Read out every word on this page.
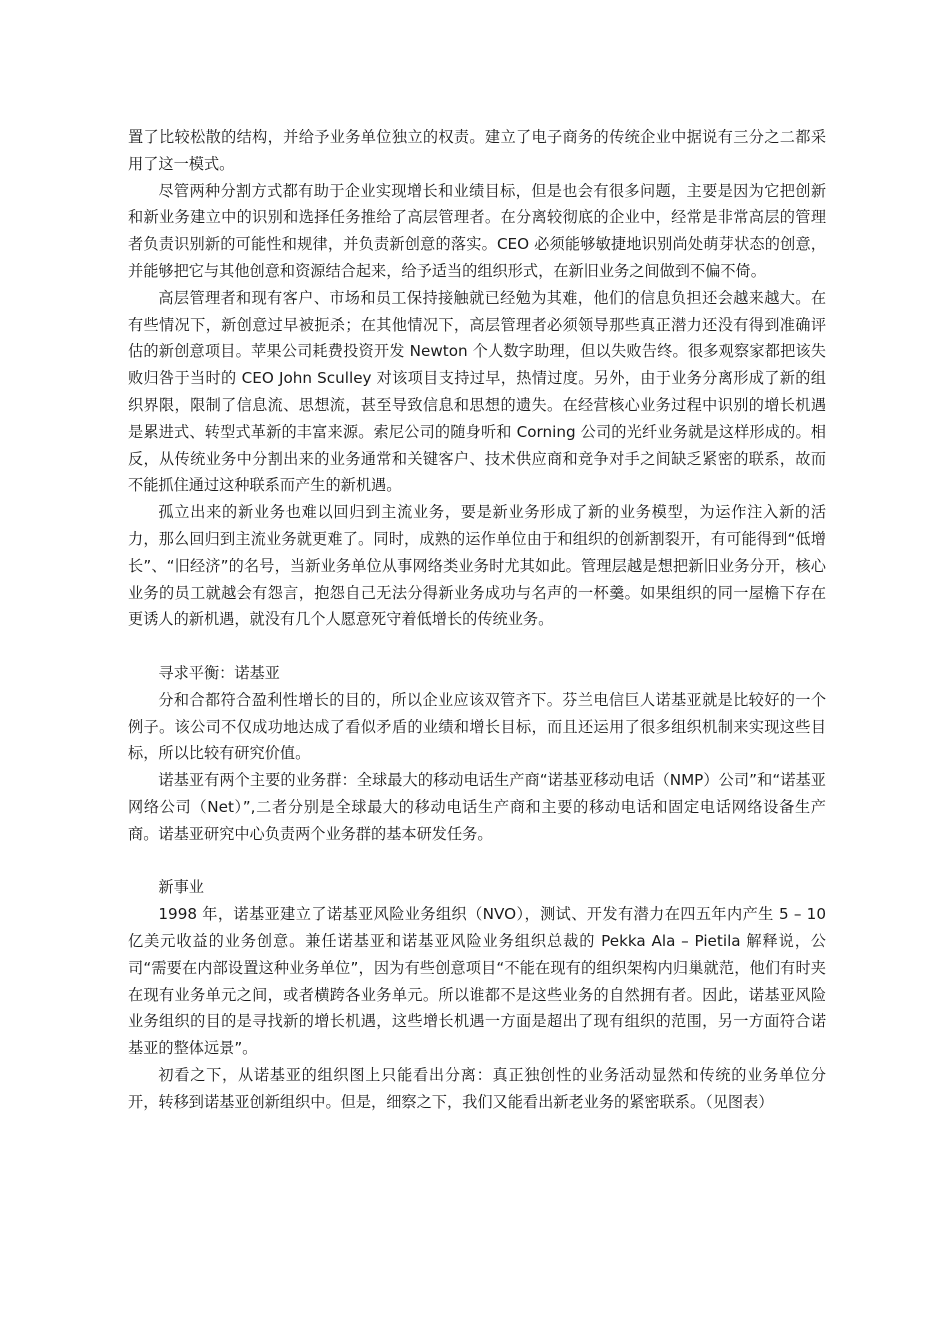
置了比较松散的结构，并给予业务单位独立的权责。建立了电子商务的传统企业中据说有三分之二都采用了这一模式。

尽管两种分割方式都有助于企业实现增长和业绩目标，但是也会有很多问题，主要是因为它把创新和新业务建立中的识别和选择任务推给了高层管理者。在分离较彻底的企业中，经常是非常高层的管理者负责识别新的可能性和规律，并负责新创意的落实。CEO 必须能够敏捷地识别尚处萌芽状态的创意，并能够把它与其他创意和资源结合起来，给予适当的组织形式，在新旧业务之间做到不偏不倚。

高层管理者和现有客户、市场和员工保持接触就已经勉为其难，他们的信息负担还会越来越大。在有些情况下，新创意过早被扼杀；在其他情况下，高层管理者必须领导那些真正潜力还没有得到准确评估的新创意项目。苹果公司耗费投资开发 Newton 个人数字助理，但以失败告终。很多观察家都把该失败归咎于当时的 CEO John Sculley 对该项目支持过早，热情过度。另外，由于业务分离形成了新的组织界限，限制了信息流、思想流，甚至导致信息和思想的遗失。在经营核心业务过程中识别的增长机遇是累进式、转型式革新的丰富来源。索尼公司的随身听和 Corning 公司的光纤业务就是这样形成的。相反，从传统业务中分割出来的业务通常和关键客户、技术供应商和竞争对手之间缺乏紧密的联系，故而不能抓住通过这种联系而产生的新机遇。

孤立出来的新业务也难以回归到主流业务，要是新业务形成了新的业务模型，为运作注入新的活力，那么回归到主流业务就更难了。同时，成熟的运作单位由于和组织的创新割裂开，有可能得到“低增长”、“旧经济”的名号，当新业务单位从事网络类业务时尤其如此。管理层越是想把新旧业务分开，核心业务的员工就越会有怨言，抱怨自己无法分得新业务成功与名声的一杯羹。如果组织的同一屋檐下存在更诱人的新机遇，就没有几个人愿意死守着低增长的传统业务。

寻求平衡：诺基亚

分和合都符合盈利性增长的目的，所以企业应该双管齐下。芬兰电信巨人诺基亚就是比较好的一个例子。该公司不仅成功地达成了看似矛盾的业绩和增长目标，而且还运用了很多组织机制来实现这些目标，所以比较有研究价值。

诺基亚有两个主要的业务群：全球最大的移动电话生产商“诺基亚移动电话（NMP）公司”和“诺基亚网络公司（Net）”,二者分别是全球最大的移动电话生产商和主要的移动电话和固定电话网络设备生产商。诺基亚研究中心负责两个业务群的基本研发任务。

新事业

1998 年，诺基亚建立了诺基亚风险业务组织（NVO），测试、开发有潜力在四五年内产生 5 – 10 亿美元收益的业务创意。兼任诺基亚和诺基亚风险业务组织总裁的 Pekka Ala – Pietila 解释说，公司“需要在内部设置这种业务单位”，因为有些创意项目“不能在现有的组织架构内归巢就范，他们有时夹在现有业务单元之间，或者横跨各业务单元。所以谁都不是这些业务的自然拥有者。因此，诺基亚风险业务组织的目的是寻找新的增长机遇，这些增长机遇一方面是超出了现有组织的范围，另一方面符合诺基亚的整体远景”。

初看之下，从诺基亚的组织图上只能看出分离：真正独创性的业务活动显然和传统的业务单位分开，转移到诺基亚创新组织中。但是，细察之下，我们又能看出新老业务的紧密联系。（见图表）
